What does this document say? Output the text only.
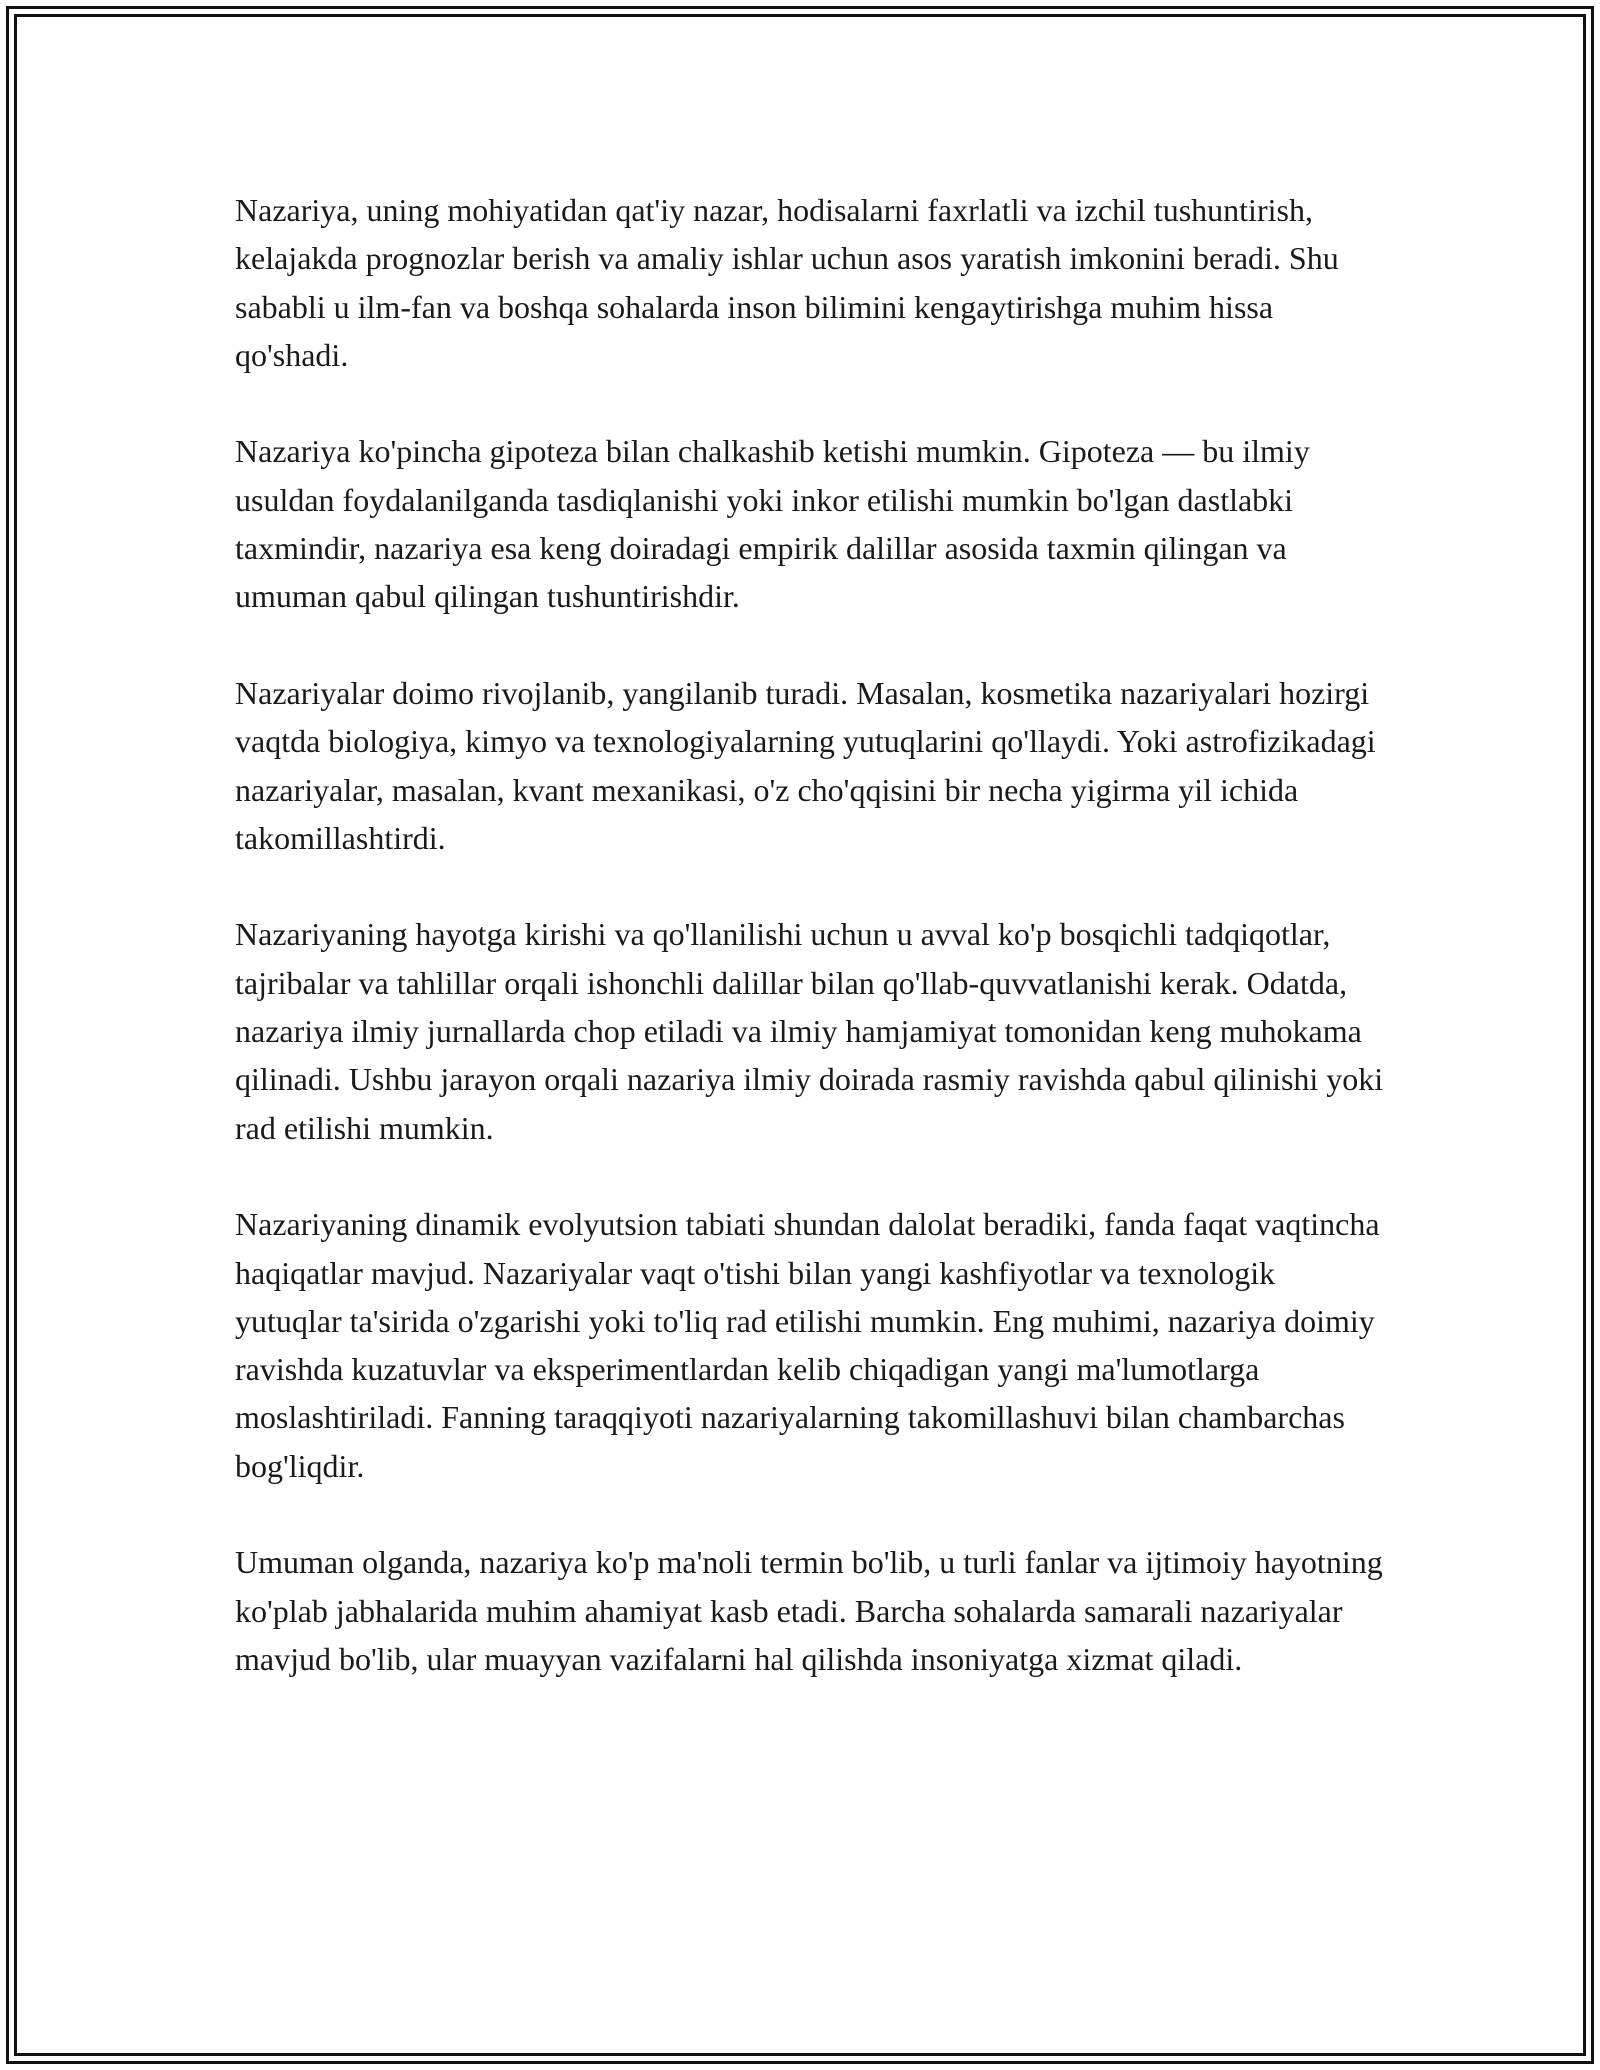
Nazariya, uning mohiyatidan qat'iy nazar, hodisalarni faxrlatli va izchil tushuntirish, kelajakda prognozlar berish va amaliy ishlar uchun asos yaratish imkonini beradi. Shu sababli u ilm-fan va boshqa sohalarda inson bilimini kengaytirishga muhim hissa qo'shadi.

Nazariya ko'pincha gipoteza bilan chalkashib ketishi mumkin. Gipoteza — bu ilmiy usuldan foydalanilganda tasdiqlanishi yoki inkor etilishi mumkin bo'lgan dastlabki taxmindir, nazariya esa keng doiradagi empirik dalillar asosida taxmin qilingan va umuman qabul qilingan tushuntirishdir.

Nazariyalar doimo rivojlanib, yangilanib turadi. Masalan, kosmetika nazariyalari hozirgi vaqtda biologiya, kimyo va texnologiyalarning yutuqlarini qo'llaydi. Yoki astrofizikadagi nazariyalar, masalan, kvant mexanikasi, o'z cho'qqisini bir necha yigirma yil ichida takomillashtirdi.

Nazariyaning hayotga kirishi va qo'llanilishi uchun u avval ko'p bosqichli tadqiqotlar, tajribalar va tahlillar orqali ishonchli dalillar bilan qo'llab-quvvatlanishi kerak. Odatda, nazariya ilmiy jurnallarda chop etiladi va ilmiy hamjamiyat tomonidan keng muhokama qilinadi. Ushbu jarayon orqali nazariya ilmiy doirada rasmiy ravishda qabul qilinishi yoki rad etilishi mumkin.

Nazariyaning dinamik evolyutsion tabiati shundan dalolat beradiki, fanda faqat vaqtincha haqiqatlar mavjud. Nazariyalar vaqt o'tishi bilan yangi kashfiyotlar va texnologik yutuqlar ta'sirida o'zgarishi yoki to'liq rad etilishi mumkin. Eng muhimi, nazariya doimiy ravishda kuzatuvlar va eksperimentlardan kelib chiqadigan yangi ma'lumotlarga moslashtiriladi. Fanning taraqqiyoti nazariyalarning takomillashuvi bilan chambarchas bog'liqdir.

Umuman olganda, nazariya ko'p ma'noli termin bo'lib, u turli fanlar va ijtimoiy hayotning ko'plab jabhalarida muhim ahamiyat kasb etadi. Barcha sohalarda samarali nazariyalar mavjud bo'lib, ular muayyan vazifalarni hal qilishda insoniyatga xizmat qiladi.
